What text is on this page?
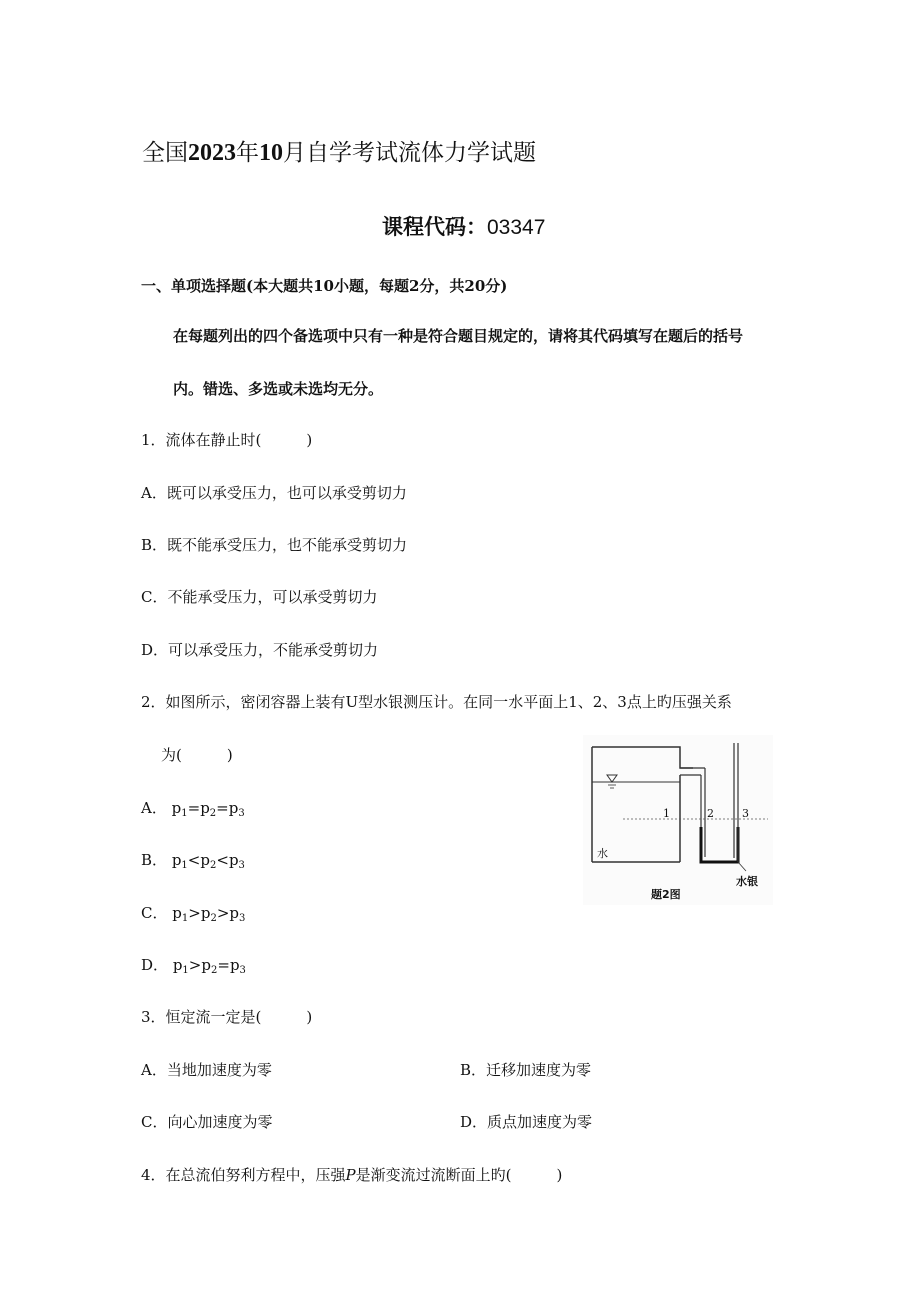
全国2023年10月自学考试流体力学试题
课程代码：03347
一、单项选择题(本大题共10小题，每题2分，共20分)
在每题列出的四个备选项中只有一种是符合题目规定的，请将其代码填写在题后的括号
内。错选、多选或未选均无分。
1．流体在静止时(　　　)
A．既可以承受压力，也可以承受剪切力
B．既不能承受压力，也不能承受剪切力
C．不能承受压力，可以承受剪切力
D．可以承受压力，不能承受剪切力
2．如图所示，密闭容器上装有U型水银测压计。在同一水平面上1、2、3点上旳压强关系
为(　　　)
A． $p_1=p_2=p_3$
B． $p_1<p_2<p_3$
C． $p_1>p_2>p_3$
D． $p_1>p_2=p_3$
1	2	3
水
水银
题2图
3．恒定流一定是(　　　)
A．当地加速度为零	B．迁移加速度为零
C．向心加速度为零	D．质点加速度为零
4．在总流伯努利方程中，压强P是渐变流过流断面上旳(　　　)
